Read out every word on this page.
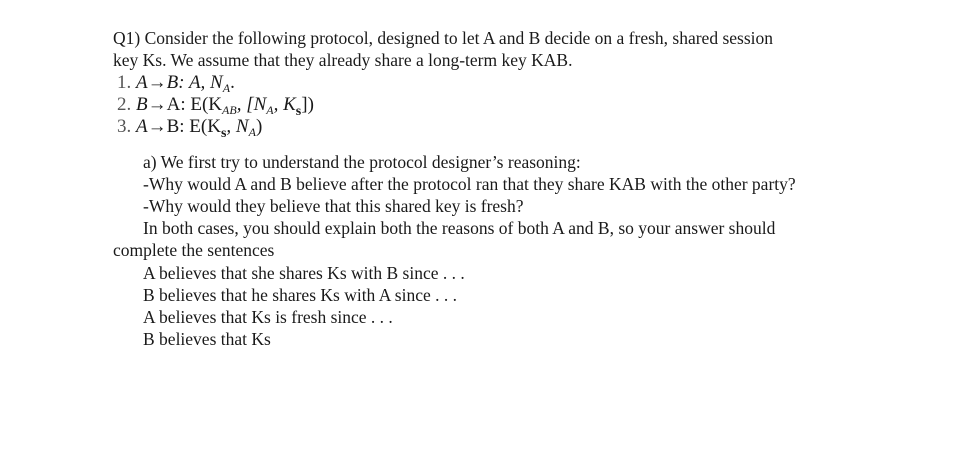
Q1) Consider the following protocol, designed to let A and B decide on a fresh, shared session
key Ks. We assume that they already share a long-term key KAB.
1. A→B: A, $N_A$.
2. B→A: $E(K_{AB}$, [$N_A$, $K_s$])
3. A→B: $E(K_s$, $N_A$)
a) We first try to understand the protocol designer’s reasoning:
-Why would A and B believe after the protocol ran that they share KAB with the other party?
-Why would they believe that this shared key is fresh?
In both cases, you should explain both the reasons of both A and B, so your answer should
complete the sentences
A believes that she shares Ks with B since . . .
B believes that he shares Ks with A since . . .
A believes that Ks is fresh since . . .
B believes that Ks
